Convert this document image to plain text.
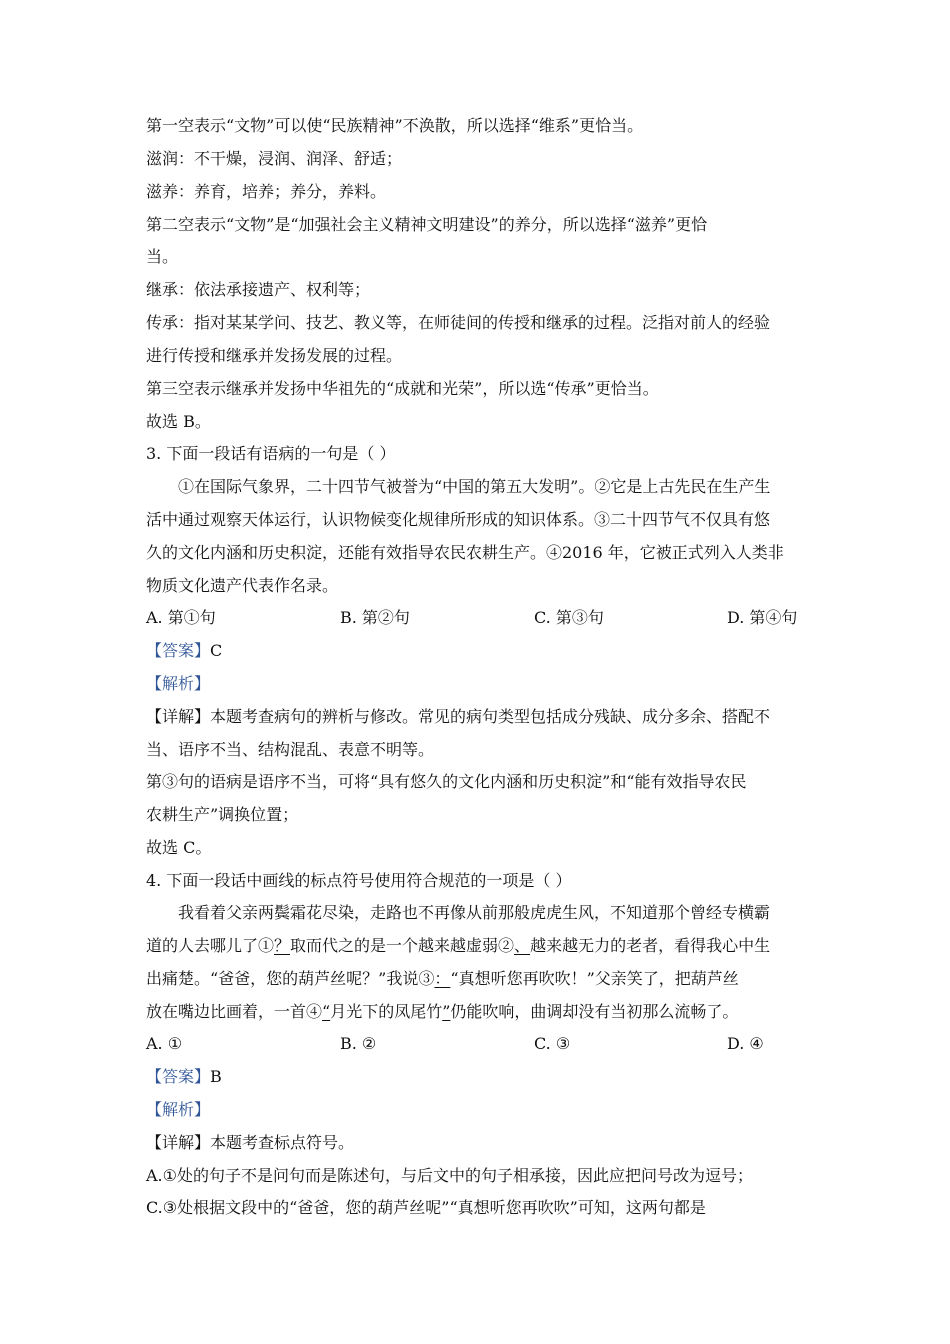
第一空表示“文物”可以使“民族精神”不涣散，所以选择“维系”更恰当。
滋润：不干燥，浸润、润泽、舒适；
滋养：养育，培养；养分，养料。
第二空表示“文物”是“加强社会主义精神文明建设”的养分，所以选择“滋养”更恰
当。
继承：依法承接遗产、权利等；
传承：指对某某学问、技艺、教义等，在师徒间的传授和继承的过程。泛指对前人的经验
进行传授和继承并发扬发展的过程。
第三空表示继承并发扬中华祖先的“成就和光荣”，所以选“传承”更恰当。
故选 B。
3. 下面一段话有语病的一句是（ ）
①在国际气象界，二十四节气被誉为“中国的第五大发明”。②它是上古先民在生产生
活中通过观察天体运行，认识物候变化规律所形成的知识体系。③二十四节气不仅具有悠
久的文化内涵和历史积淀，还能有效指导农民农耕生产。④2016 年，它被正式列入人类非
物质文化遗产代表作名录。
A. 第①句	B. 第②句	C. 第③句	D. 第④句
【答案】C
【解析】
【详解】本题考查病句的辨析与修改。常见的病句类型包括成分残缺、成分多余、搭配不
当、语序不当、结构混乱、表意不明等。
第③句的语病是语序不当，可将“具有悠久的文化内涵和历史积淀”和“能有效指导农民
农耕生产”调换位置；
故选 C。
4. 下面一段话中画线的标点符号使用符合规范的一项是（ ）
我看着父亲两鬓霜花尽染，走路也不再像从前那般虎虎生风，不知道那个曾经专横霸
道的人去哪儿了①？取而代之的是一个越来越虚弱②、越来越无力的老者，看得我心中生
出痛楚。“爸爸，您的葫芦丝呢？”我说③：“真想听您再吹吹！”父亲笑了，把葫芦丝
放在嘴边比画着，一首④“月光下的凤尾竹”仍能吹响，曲调却没有当初那么流畅了。
A. ①	B. ②	C. ③	D. ④
【答案】B
【解析】
【详解】本题考查标点符号。
A.①处的句子不是问句而是陈述句，与后文中的句子相承接，因此应把问号改为逗号；
C.③处根据文段中的“爸爸，您的葫芦丝呢”“真想听您再吹吹”可知，这两句都是
